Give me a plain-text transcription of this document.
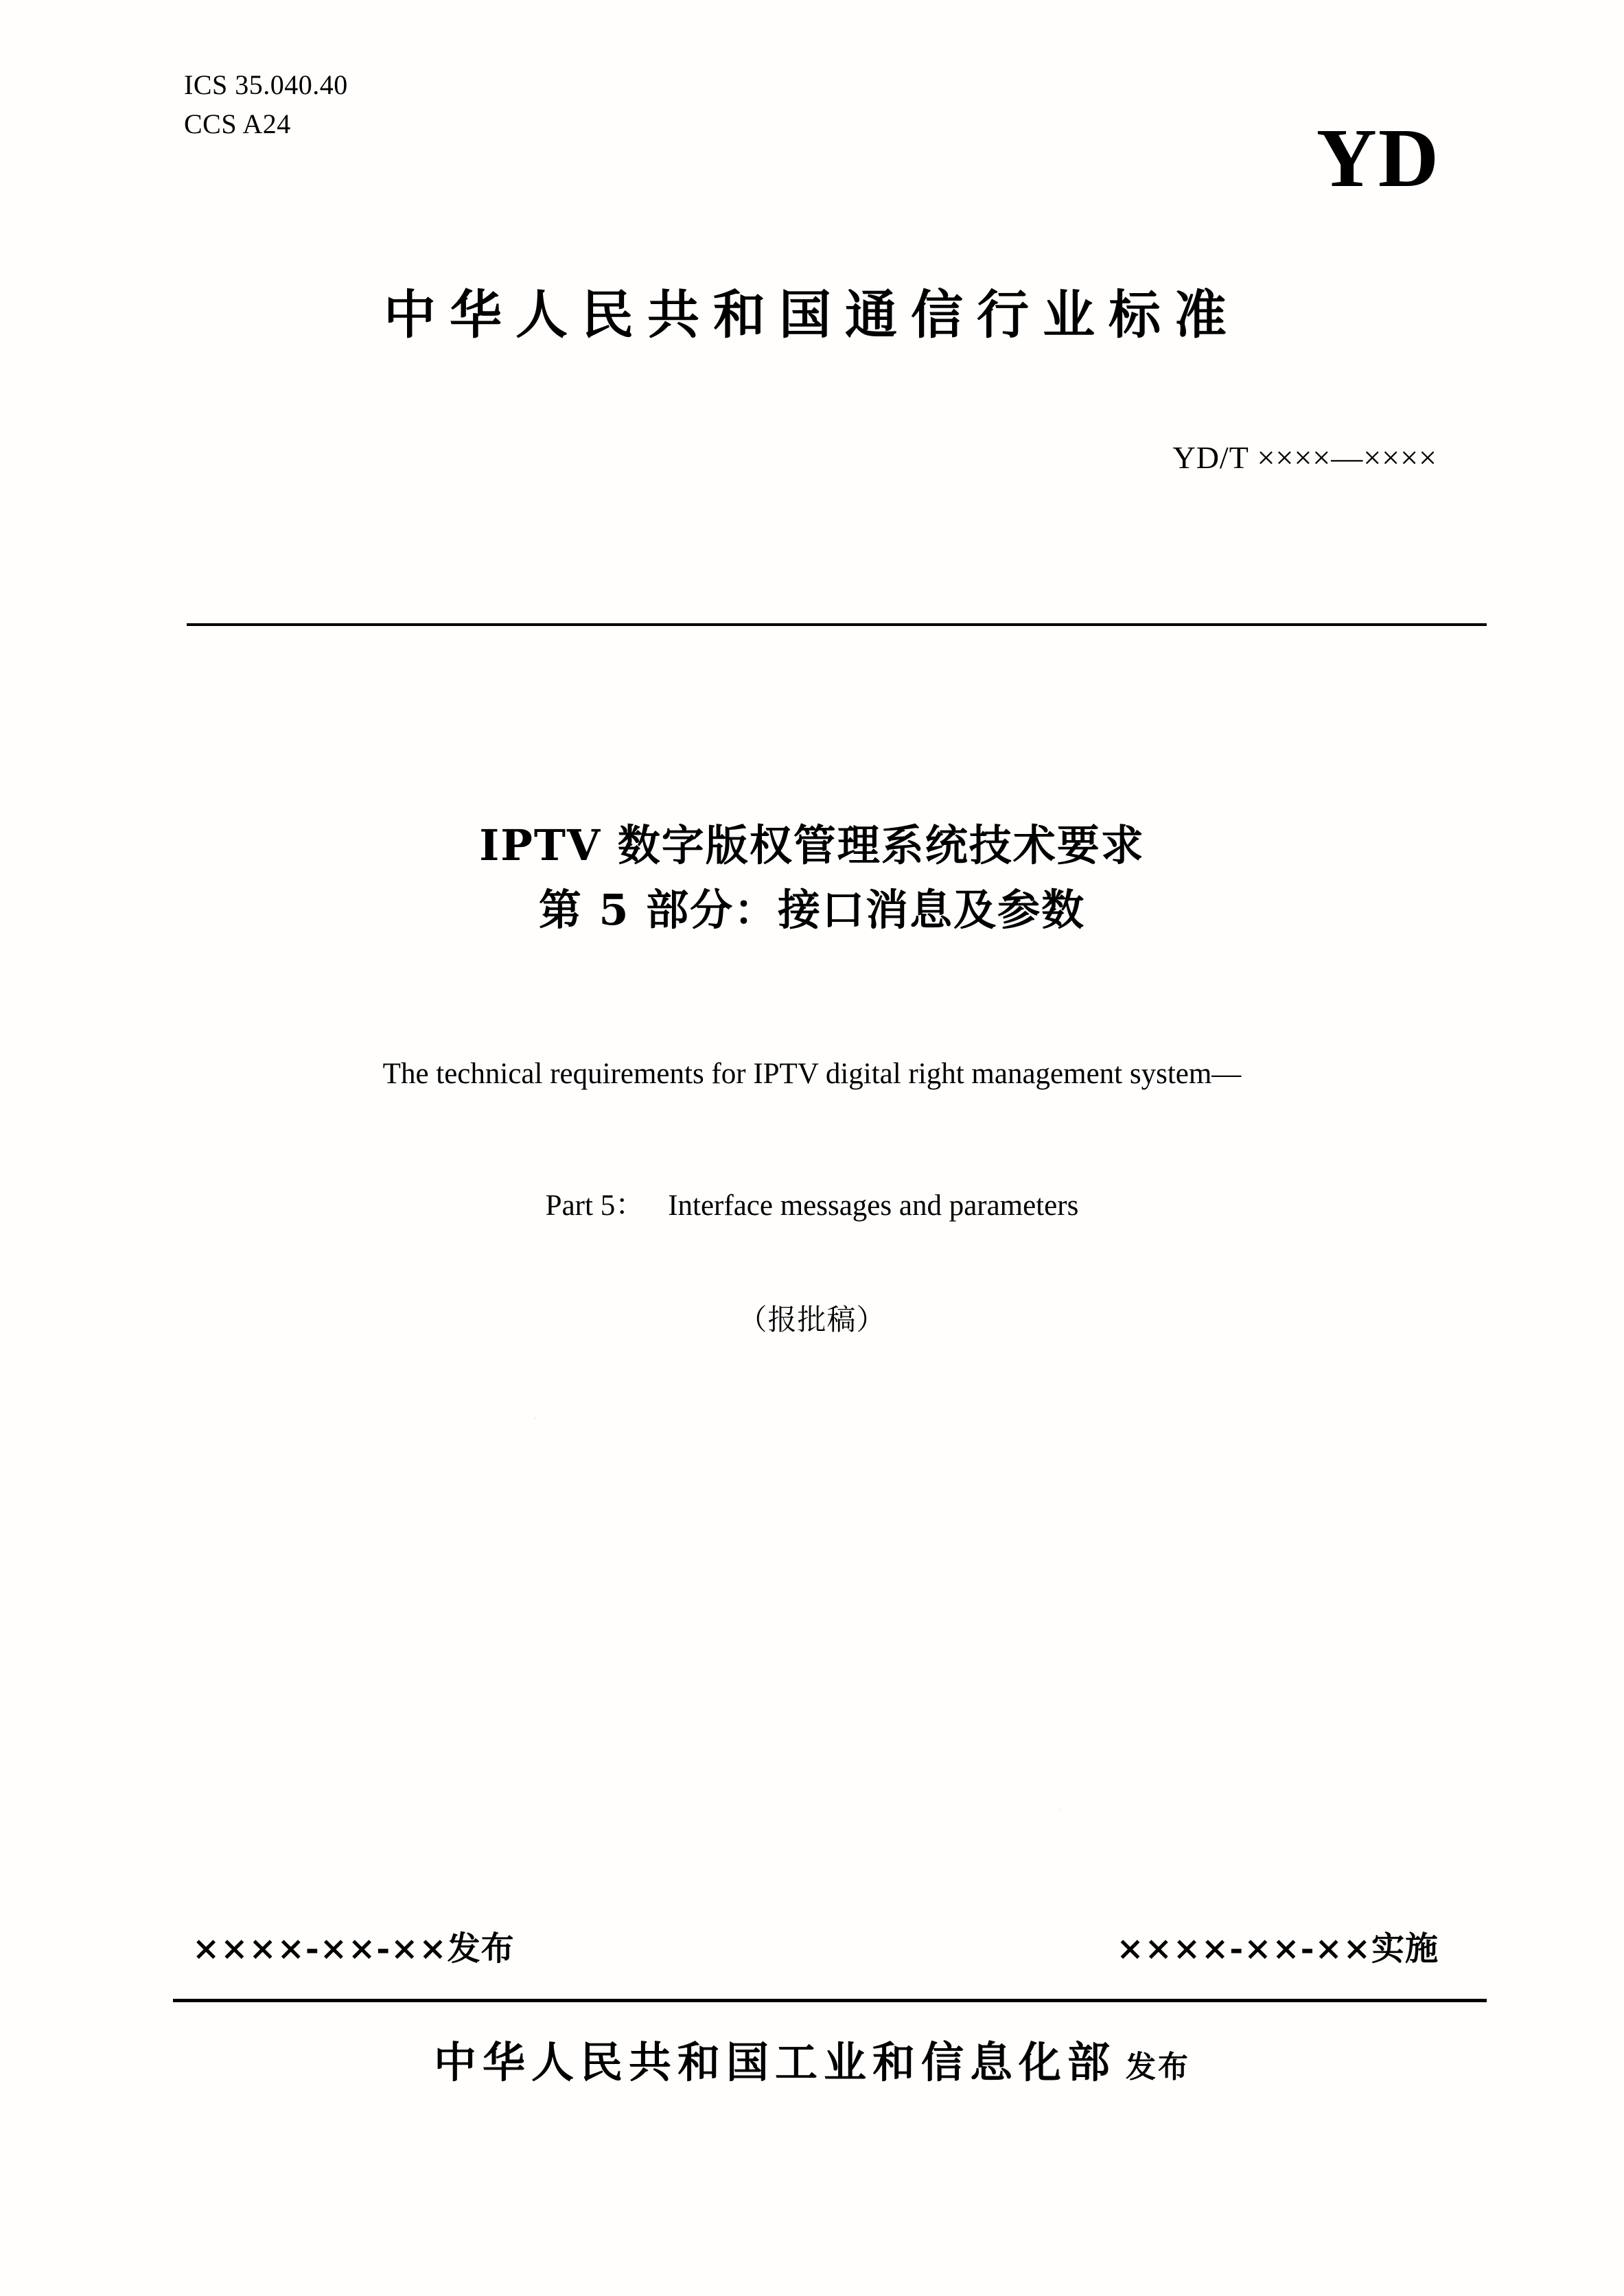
ICS 35.040.40
CCS A24	YD
中华人民共和国通信行业标准
YD/T ××××—××××
IPTV 数字版权管理系统技术要求
第 5 部分：接口消息及参数
The technical requirements for IPTV digital right management system—
Part 5： Interface messages and parameters
（报批稿）
·
·
××××-××-××发布	××××-××-××实施
中华人民共和国工业和信息化部 发布
